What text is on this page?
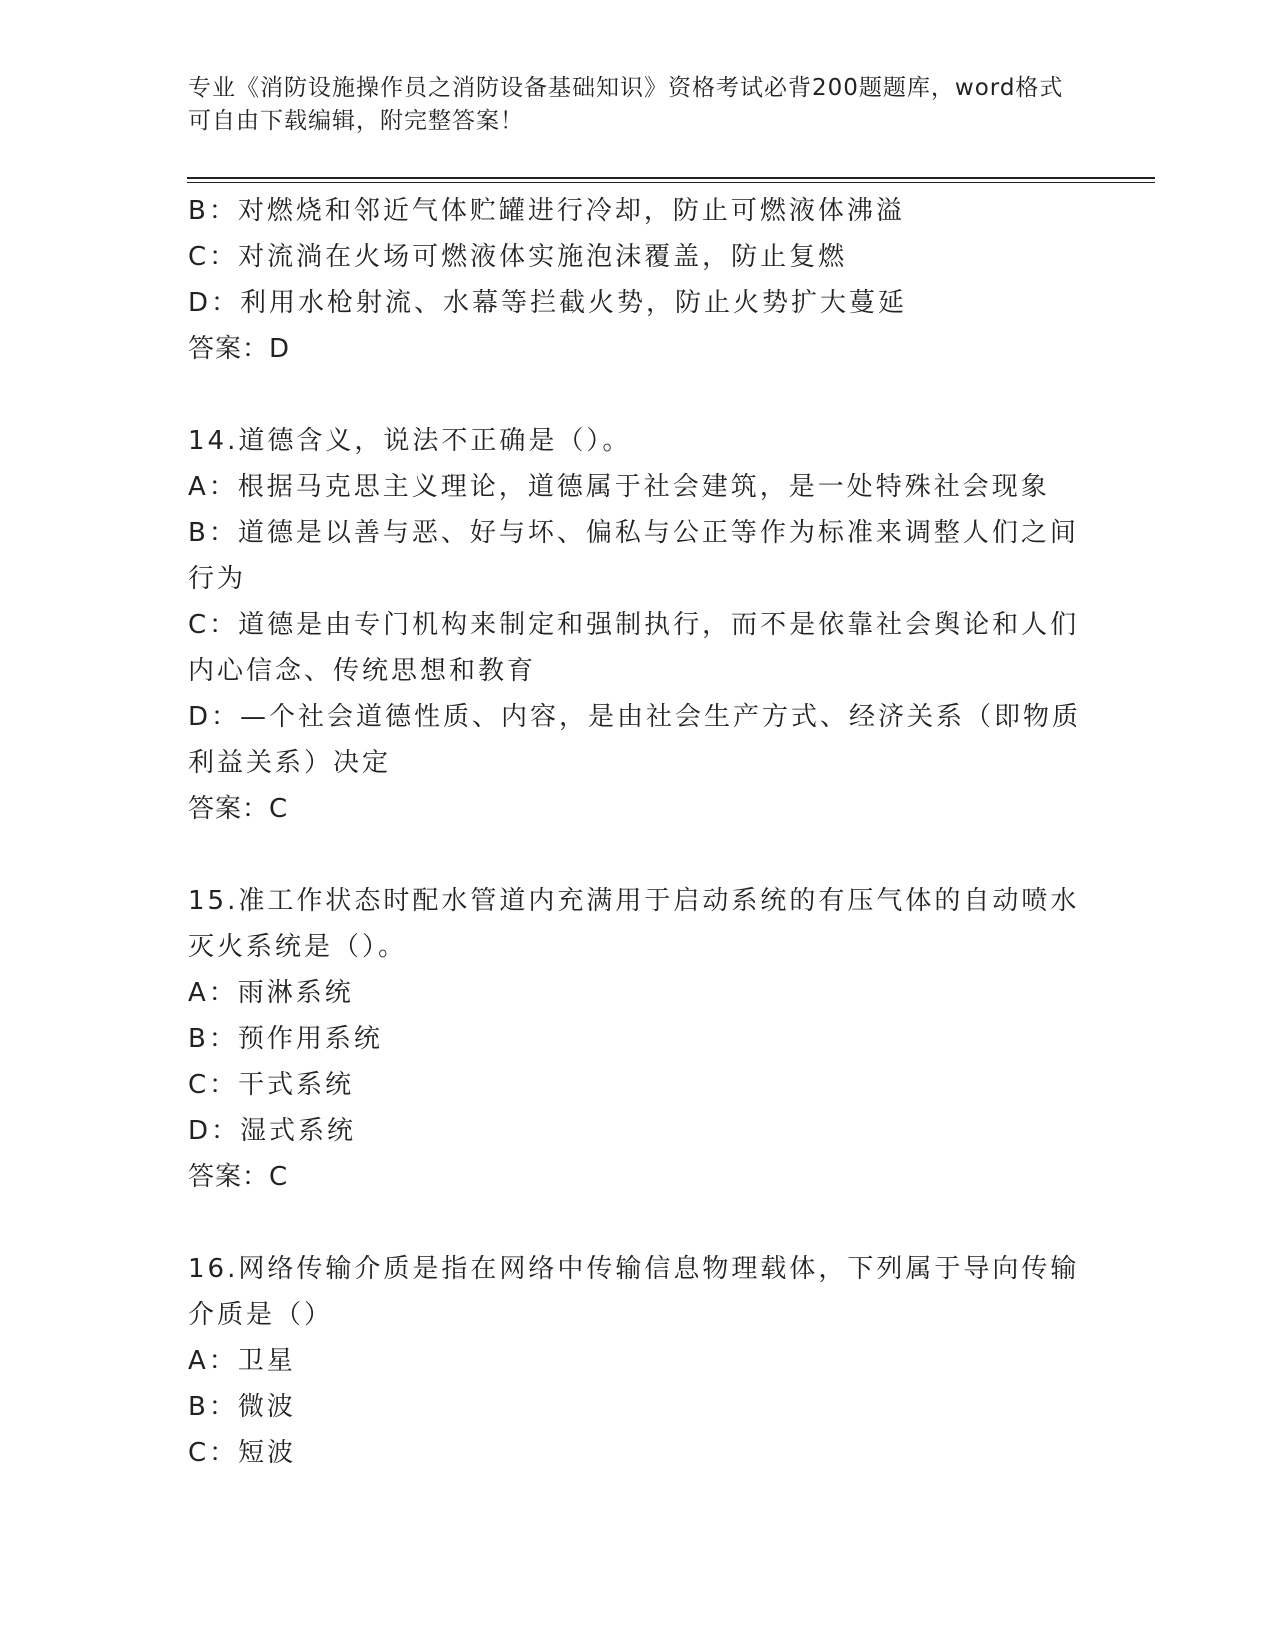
专业《消防设施操作员之消防设备基础知识》资格考试必背200题题库，word格式可自由下载编辑，附完整答案！
B：对燃烧和邻近气体贮罐进行冷却，防止可燃液体沸溢
C：对流淌在火场可燃液体实施泡沫覆盖，防止复燃
D：利用水枪射流、水幕等拦截火势，防止火势扩大蔓延
答案：D
14.道德含义，说法不正确是（）。
A：根据马克思主义理论，道德属于社会建筑，是一处特殊社会现象
B：道德是以善与恶、好与坏、偏私与公正等作为标准来调整人们之间
行为
C：道德是由专门机构来制定和强制执行，而不是依靠社会舆论和人们
内心信念、传统思想和教育
D：—个社会道德性质、内容，是由社会生产方式、经济关系（即物质
利益关系）决定
答案：C
15.准工作状态时配水管道内充满用于启动系统的有压气体的自动喷水
灭火系统是（）。
A：雨淋系统
B：预作用系统
C：干式系统
D：湿式系统
答案：C
16.网络传输介质是指在网络中传输信息物理载体，下列属于导向传输
介质是（）
A：卫星
B：微波
C：短波
